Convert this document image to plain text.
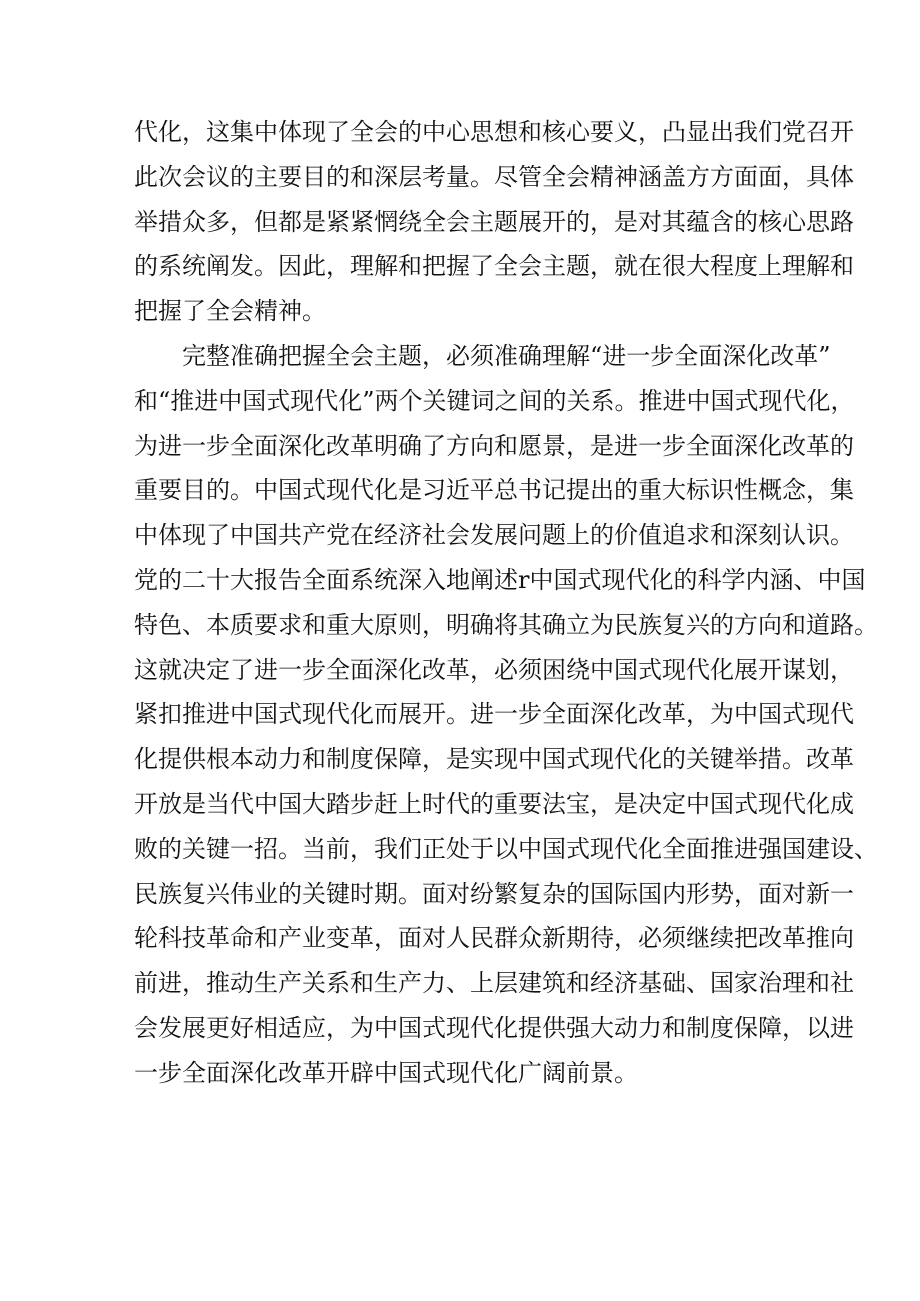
代化，这集中体现了全会的中心思想和核心要义，凸显出我们党召开
此次会议的主要目的和深层考量。尽管全会精神涵盖方方面面，具体
举措众多，但都是紧紧惘绕全会主题展开的，是对其蕴含的核心思路
的系统阐发。因此，理解和把握了全会主题，就在很大程度上理解和
把握了全会精神。
完整准确把握全会主题，必须准确理解“进一步全面深化改革”
和“推进中国式现代化”两个关键词之间的关系。推进中国式现代化，
为进一步全面深化改革明确了方向和愿景，是进一步全面深化改革的
重要目的。中国式现代化是习近平总书记提出的重大标识性概念，集
中体现了中国共产党在经济社会发展问题上的价值追求和深刻认识。
党的二十大报告全面系统深入地阐述r中国式现代化的科学内涵、中国
特色、本质要求和重大原则，明确将其确立为民族复兴的方向和道路。
这就决定了进一步全面深化改革，必须困绕中国式现代化展开谋划，
紧扣推进中国式现代化而展开。进一步全面深化改革，为中国式现代
化提供根本动力和制度保障，是实现中国式现代化的关键举措。改革
开放是当代中国大踏步赶上时代的重要法宝，是决定中国式现代化成
败的关键一招。当前，我们正处于以中国式现代化全面推进强国建设、
民族复兴伟业的关键时期。面对纷繁复杂的国际国内形势，面对新一
轮科技革命和产业变革，面对人民群众新期待，必须继续把改革推向
前进，推动生产关系和生产力、上层建筑和经济基础、国家治理和社
会发展更好相适应，为中国式现代化提供强大动力和制度保障，以进
一步全面深化改革开辟中国式现代化广阔前景。
